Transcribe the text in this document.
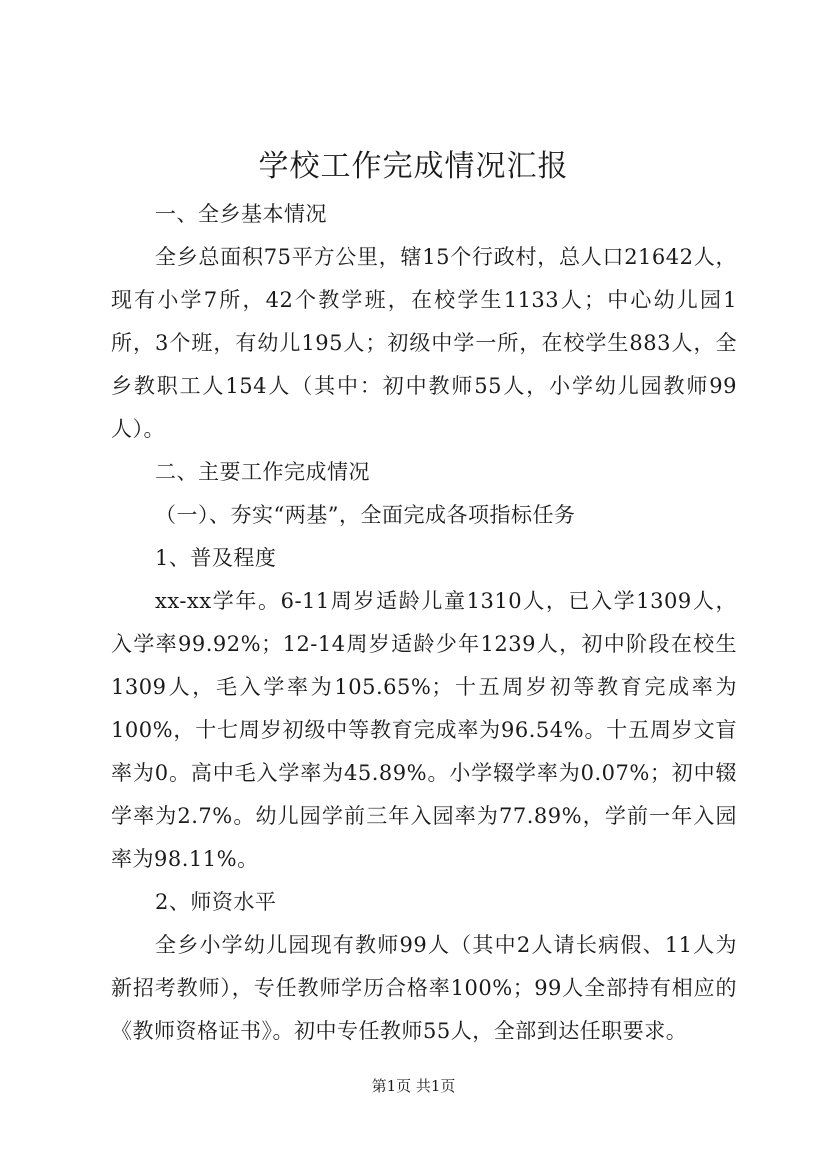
学校工作完成情况汇报

一、全乡基本情况

全乡总面积75平方公里，辖15个行政村，总人口21642人，现有小学7所，42个教学班，在校学生1133人；中心幼儿园1所，3个班，有幼儿195人；初级中学一所，在校学生883人，全乡教职工人154人（其中：初中教师55人，小学幼儿园教师99人）。

二、主要工作完成情况

（一）、夯实“两基”，全面完成各项指标任务

1、普及程度

xx-xx学年。6-11周岁适龄儿童1310人，已入学1309人，入学率99.92%；12-14周岁适龄少年1239人，初中阶段在校生1309人，毛入学率为105.65%；十五周岁初等教育完成率为100%，十七周岁初级中等教育完成率为96.54%。十五周岁文盲率为0。高中毛入学率为45.89%。小学辍学率为0.07%；初中辍学率为2.7%。幼儿园学前三年入园率为77.89%，学前一年入园率为98.11%。

2、师资水平

全乡小学幼儿园现有教师99人（其中2人请长病假、11人为新招考教师），专任教师学历合格率100%；99人全部持有相应的《教师资格证书》。初中专任教师55人，全部到达任职要求。

第1页 共1页
